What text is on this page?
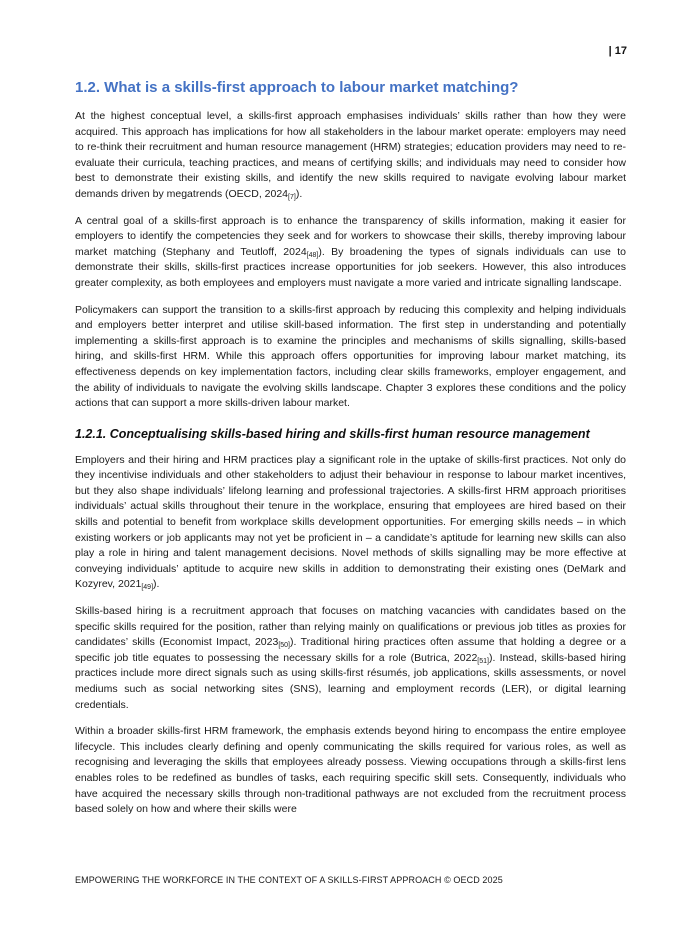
| 17
1.2. What is a skills-first approach to labour market matching?

At the highest conceptual level, a skills-first approach emphasises individuals’ skills rather than how they were acquired. This approach has implications for how all stakeholders in the labour market operate: employers may need to re-think their recruitment and human resource management (HRM) strategies; education providers may need to re-evaluate their curricula, teaching practices, and means of certifying skills; and individuals may need to consider how best to demonstrate their existing skills, and identify the new skills required to navigate evolving labour market demands driven by megatrends (OECD, $2024_{[7]}$).

A central goal of a skills-first approach is to enhance the transparency of skills information, making it easier for employers to identify the competencies they seek and for workers to showcase their skills, thereby improving labour market matching (Stephany and Teutloff, $2024_{[48]}$). By broadening the types of signals individuals can use to demonstrate their skills, skills-first practices increase opportunities for job seekers. However, this also introduces greater complexity, as both employees and employers must navigate a more varied and intricate signalling landscape.

Policymakers can support the transition to a skills-first approach by reducing this complexity and helping individuals and employers better interpret and utilise skill-based information. The first step in understanding and potentially implementing a skills-first approach is to examine the principles and mechanisms of skills signalling, skills-based hiring, and skills-first HRM. While this approach offers opportunities for improving labour market matching, its effectiveness depends on key implementation factors, including clear skills frameworks, employer engagement, and the ability of individuals to navigate the evolving skills landscape. Chapter 3 explores these conditions and the policy actions that can support a more skills-driven labour market.

1.2.1. Conceptualising skills-based hiring and skills-first human resource management

Employers and their hiring and HRM practices play a significant role in the uptake of skills-first practices. Not only do they incentivise individuals and other stakeholders to adjust their behaviour in response to labour market incentives, but they also shape individuals’ lifelong learning and professional trajectories. A skills-first HRM approach prioritises individuals’ actual skills throughout their tenure in the workplace, ensuring that employees are hired based on their skills and potential to benefit from workplace skills development opportunities. For emerging skills needs – in which existing workers or job applicants may not yet be proficient in – a candidate’s aptitude for learning new skills can also play a role in hiring and talent management decisions. Novel methods of skills signalling may be more effective at conveying individuals’ aptitude to acquire new skills in addition to demonstrating their existing ones (DeMark and Kozyrev, $2021_{[49]}$).

Skills-based hiring is a recruitment approach that focuses on matching vacancies with candidates based on the specific skills required for the position, rather than relying mainly on qualifications or previous job titles as proxies for candidates’ skills (Economist Impact, $2023_{[50]}$). Traditional hiring practices often assume that holding a degree or a specific job title equates to possessing the necessary skills for a role (Butrica, $2022_{[51]}$). Instead, skills-based hiring practices include more direct signals such as using skills-first résumés, job applications, skills assessments, or novel mediums such as social networking sites (SNS), learning and employment records (LER), or digital learning credentials.

Within a broader skills-first HRM framework, the emphasis extends beyond hiring to encompass the entire employee lifecycle. This includes clearly defining and openly communicating the skills required for various roles, as well as recognising and leveraging the skills that employees already possess. Viewing occupations through a skills-first lens enables roles to be redefined as bundles of tasks, each requiring specific skill sets. Consequently, individuals who have acquired the necessary skills through non-traditional pathways are not excluded from the recruitment process based solely on how and where their skills were

EMPOWERING THE WORKFORCE IN THE CONTEXT OF A SKILLS-FIRST APPROACH © OECD 2025
